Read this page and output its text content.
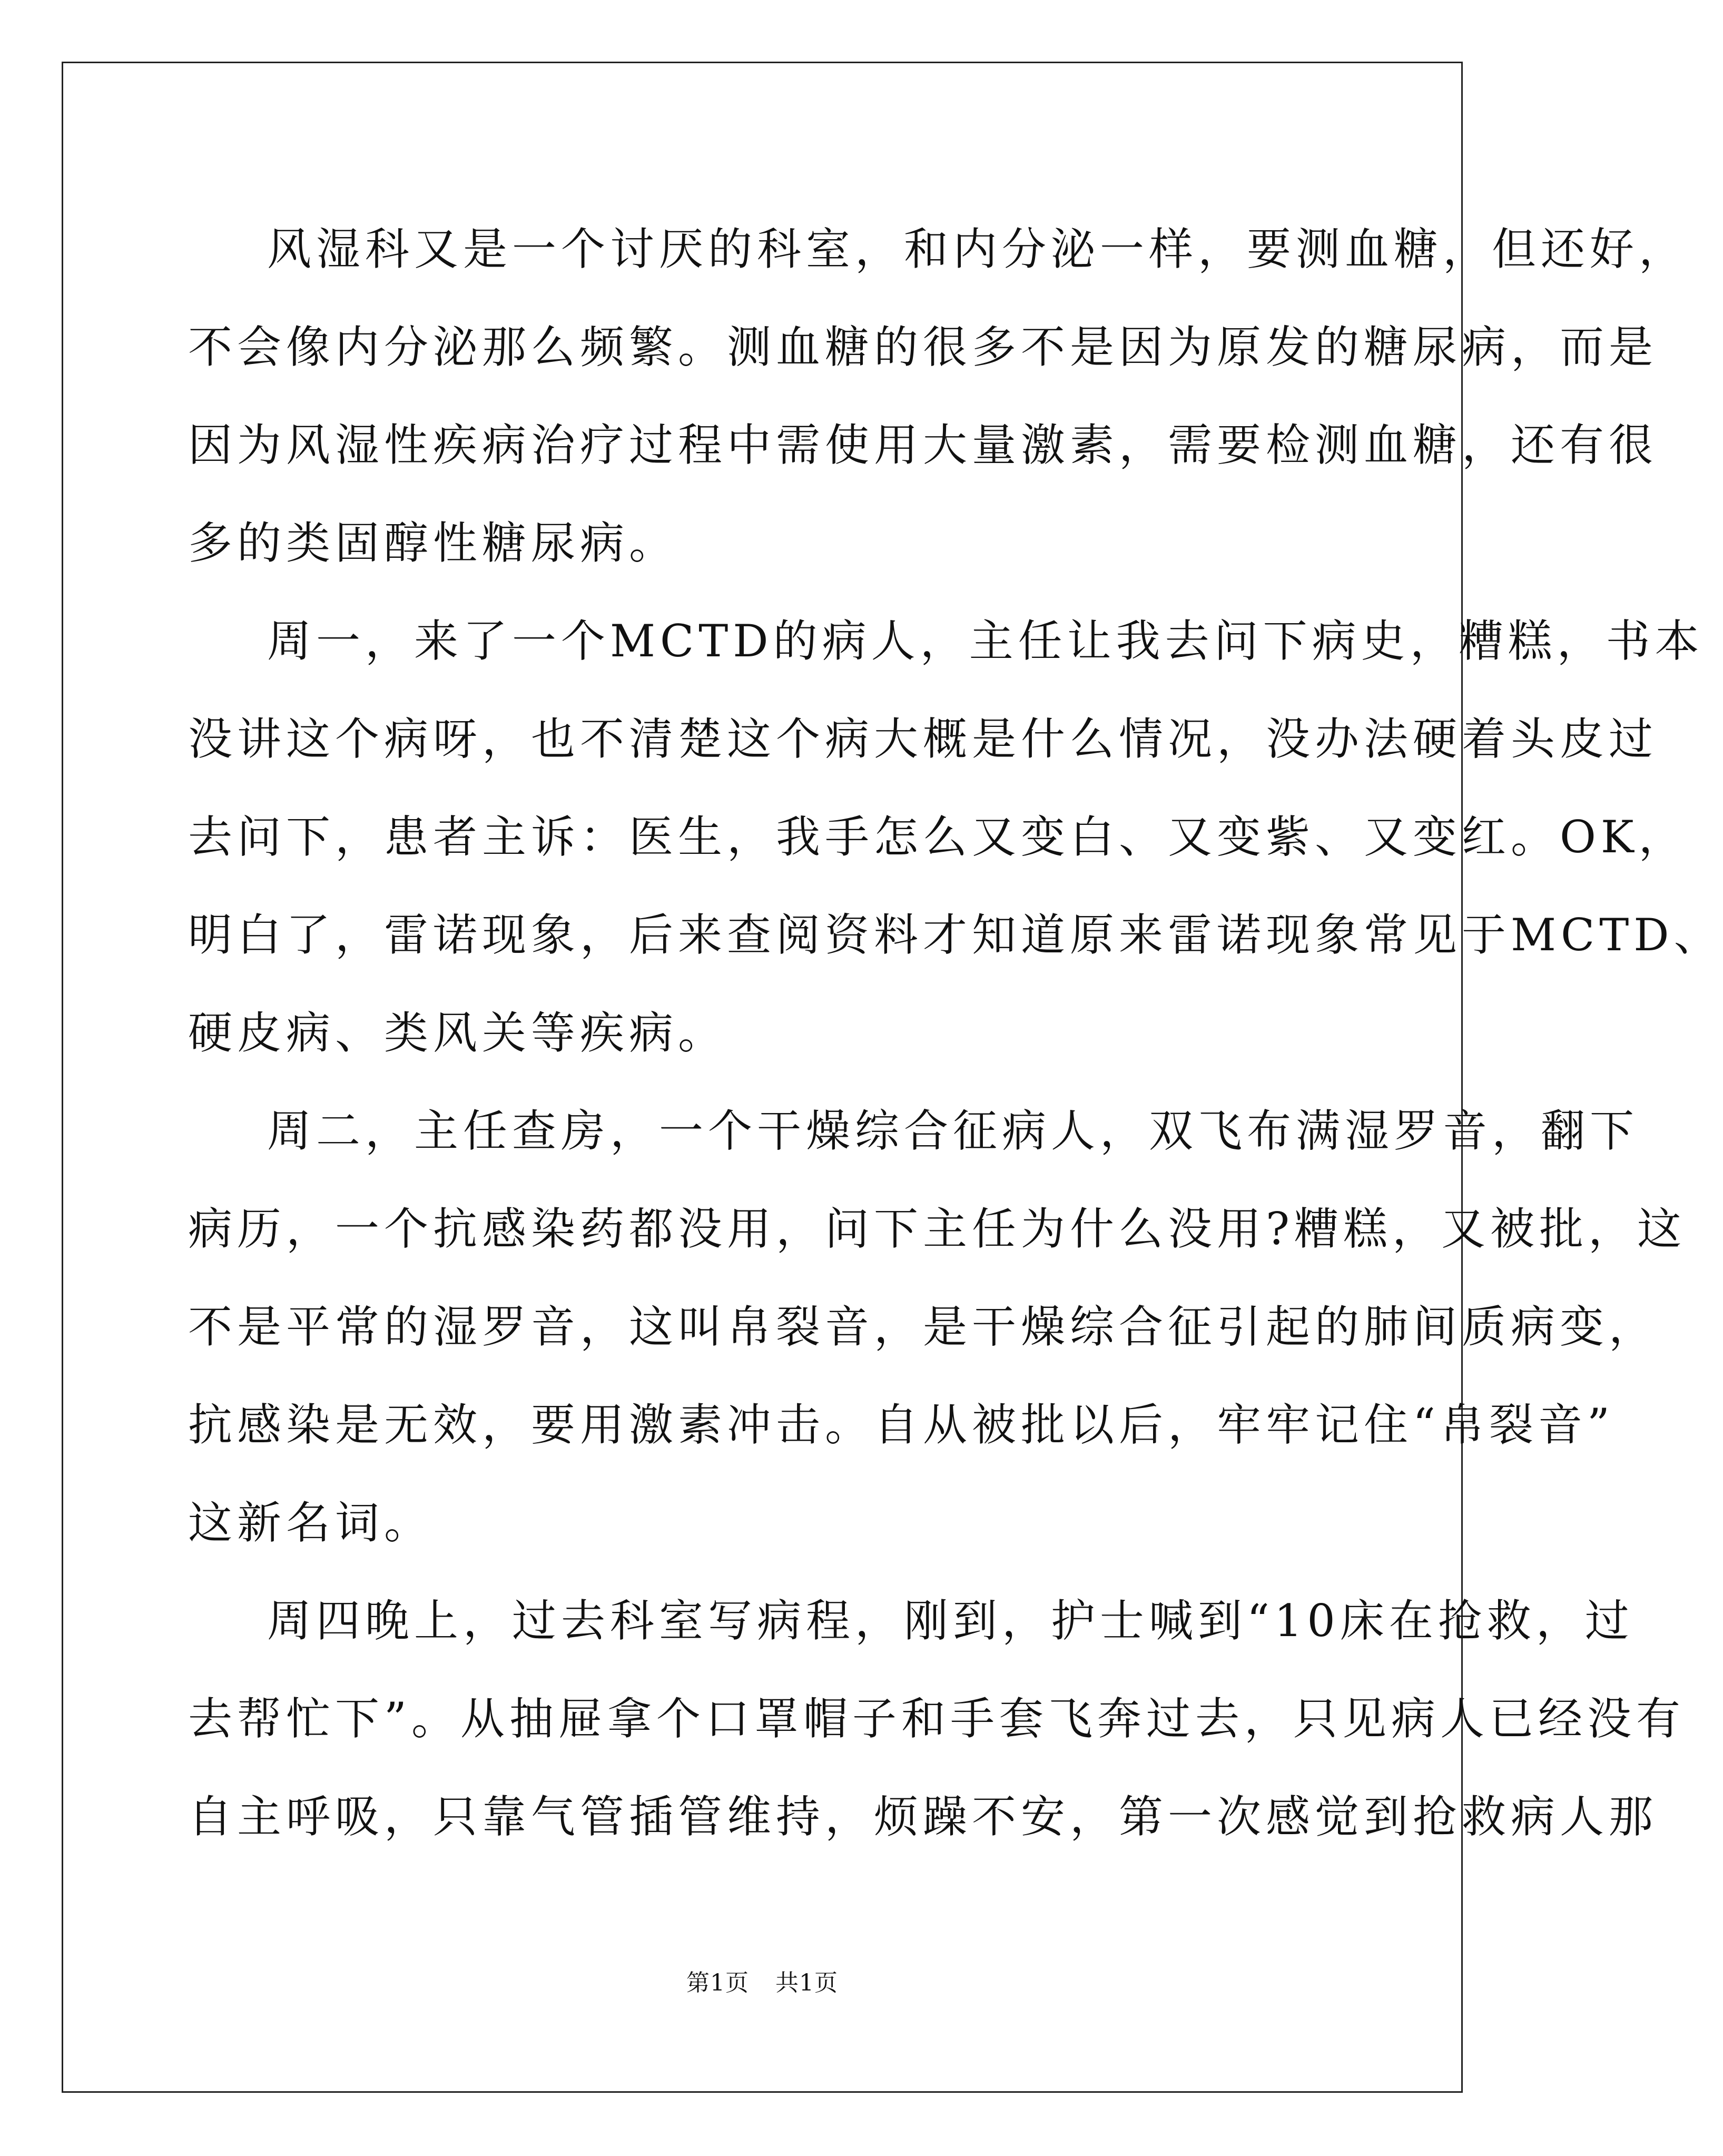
风湿科又是一个讨厌的科室，和内分泌一样，要测血糖，但还好，
不会像内分泌那么频繁。测血糖的很多不是因为原发的糖尿病，而是
因为风湿性疾病治疗过程中需使用大量激素，需要检测血糖，还有很
多的类固醇性糖尿病。
周一，来了一个MCTD的病人，主任让我去问下病史，糟糕，书本
没讲这个病呀，也不清楚这个病大概是什么情况，没办法硬着头皮过
去问下，患者主诉：医生，我手怎么又变白、又变紫、又变红。OK，
明白了，雷诺现象，后来查阅资料才知道原来雷诺现象常见于MCTD、
硬皮病、类风关等疾病。
周二，主任查房，一个干燥综合征病人，双飞布满湿罗音，翻下
病历，一个抗感染药都没用，问下主任为什么没用?糟糕，又被批，这
不是平常的湿罗音，这叫帛裂音，是干燥综合征引起的肺间质病变，
抗感染是无效，要用激素冲击。自从被批以后，牢牢记住“帛裂音”
这新名词。
周四晚上，过去科室写病程，刚到，护士喊到“10床在抢救，过
去帮忙下”。从抽屉拿个口罩帽子和手套飞奔过去，只见病人已经没有
自主呼吸，只靠气管插管维持，烦躁不安，第一次感觉到抢救病人那
第1页 共1页
